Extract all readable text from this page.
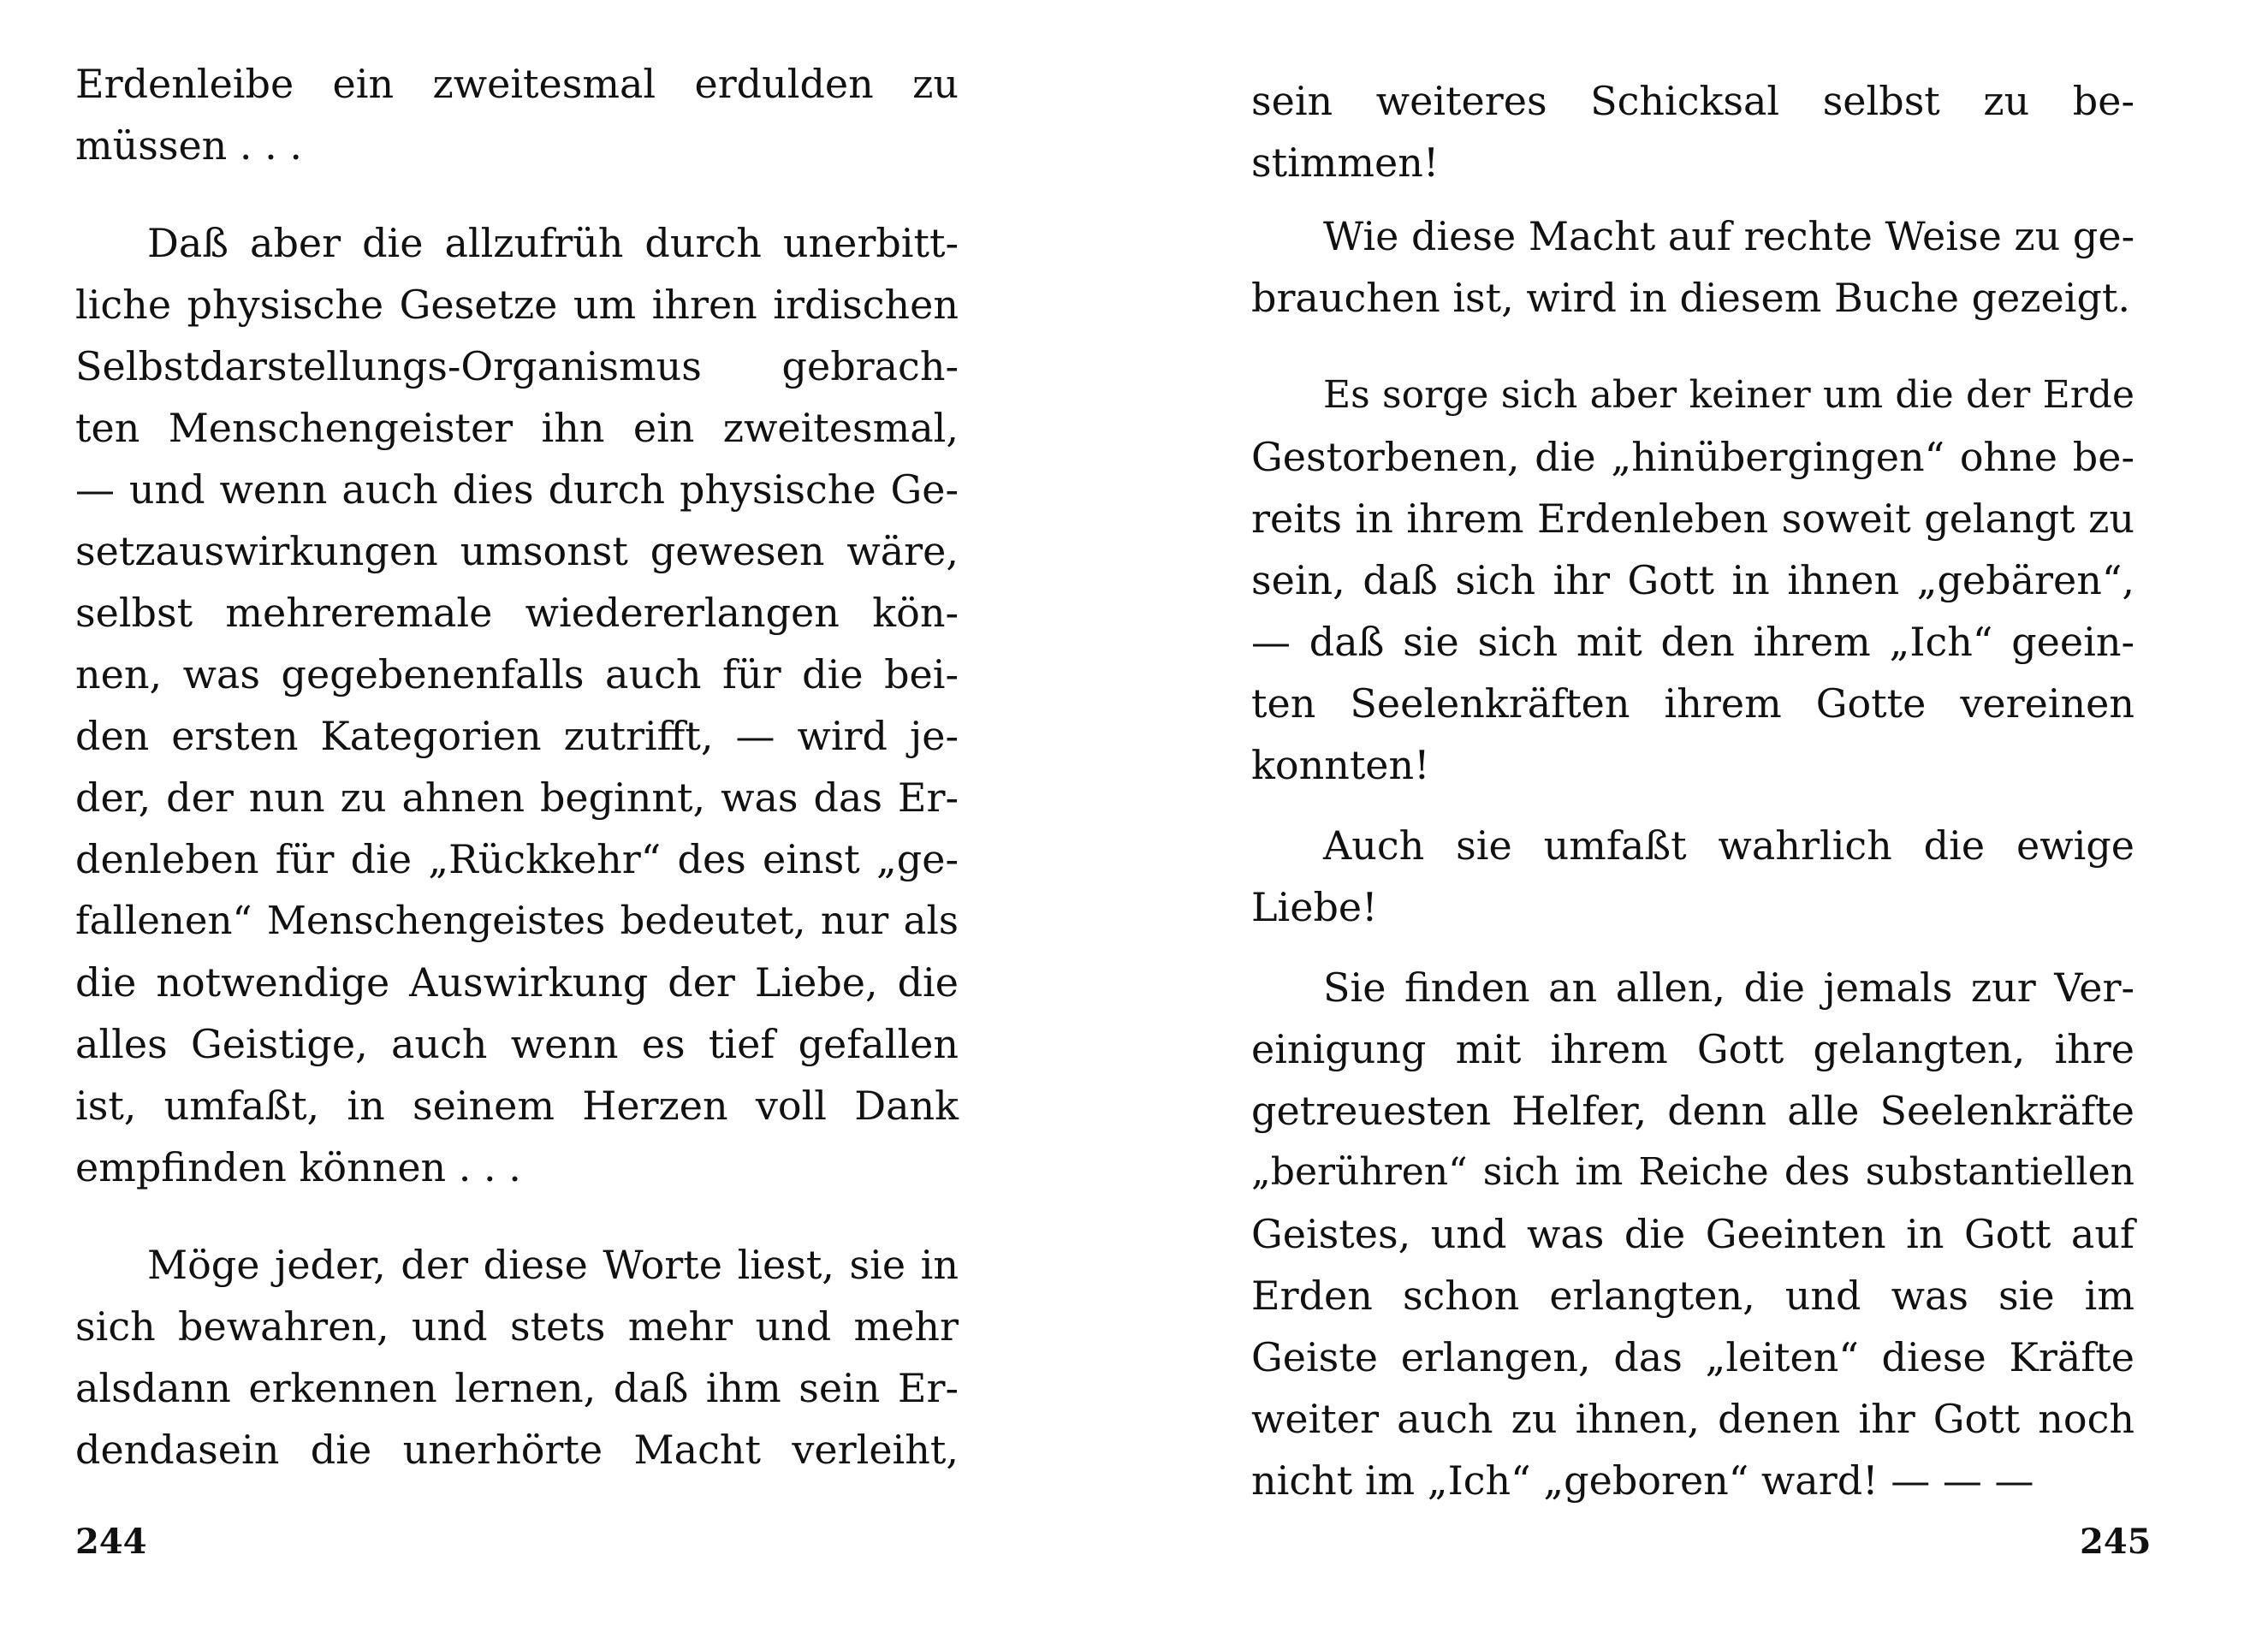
Erdenleibe ein zweitesmal erdulden zu
müssen . . .
Daß aber die allzufrüh durch unerbitt-
liche physische Gesetze um ihren irdischen
Selbstdarstellungs-Organismus gebrach-
ten Menschengeister ihn ein zweitesmal,
— und wenn auch dies durch physische Ge-
setzauswirkungen umsonst gewesen wäre,
selbst mehreremale wiedererlangen kön-
nen, was gegebenenfalls auch für die bei-
den ersten Kategorien zutrifft, — wird je-
der, der nun zu ahnen beginnt, was das Er-
denleben für die „Rückkehr“ des einst „ge-
fallenen“ Menschengeistes bedeutet, nur als
die notwendige Auswirkung der Liebe, die
alles Geistige, auch wenn es tief gefallen
ist, umfaßt, in seinem Herzen voll Dank
empfinden können . . .
Möge jeder, der diese Worte liest, sie in
sich bewahren, und stets mehr und mehr
alsdann erkennen lernen, daß ihm sein Er-
dendasein die unerhörte Macht verleiht,
244
sein weiteres Schicksal selbst zu be-
stimmen!
Wie diese Macht auf rechte Weise zu ge-
brauchen ist, wird in diesem Buche gezeigt.
Es sorge sich aber keiner um die der Erde
Gestorbenen, die „hinübergingen“ ohne be-
reits in ihrem Erdenleben soweit gelangt zu
sein, daß sich ihr Gott in ihnen „gebären“,
— daß sie sich mit den ihrem „Ich“ geein-
ten Seelenkräften ihrem Gotte vereinen
konnten!
Auch sie umfaßt wahrlich die ewige
Liebe!
Sie finden an allen, die jemals zur Ver-
einigung mit ihrem Gott gelangten, ihre
getreuesten Helfer, denn alle Seelenkräfte
„berühren“ sich im Reiche des substantiellen
Geistes, und was die Geeinten in Gott auf
Erden schon erlangten, und was sie im
Geiste erlangen, das „leiten“ diese Kräfte
weiter auch zu ihnen, denen ihr Gott noch
nicht im „Ich“ „geboren“ ward! — — —
245
